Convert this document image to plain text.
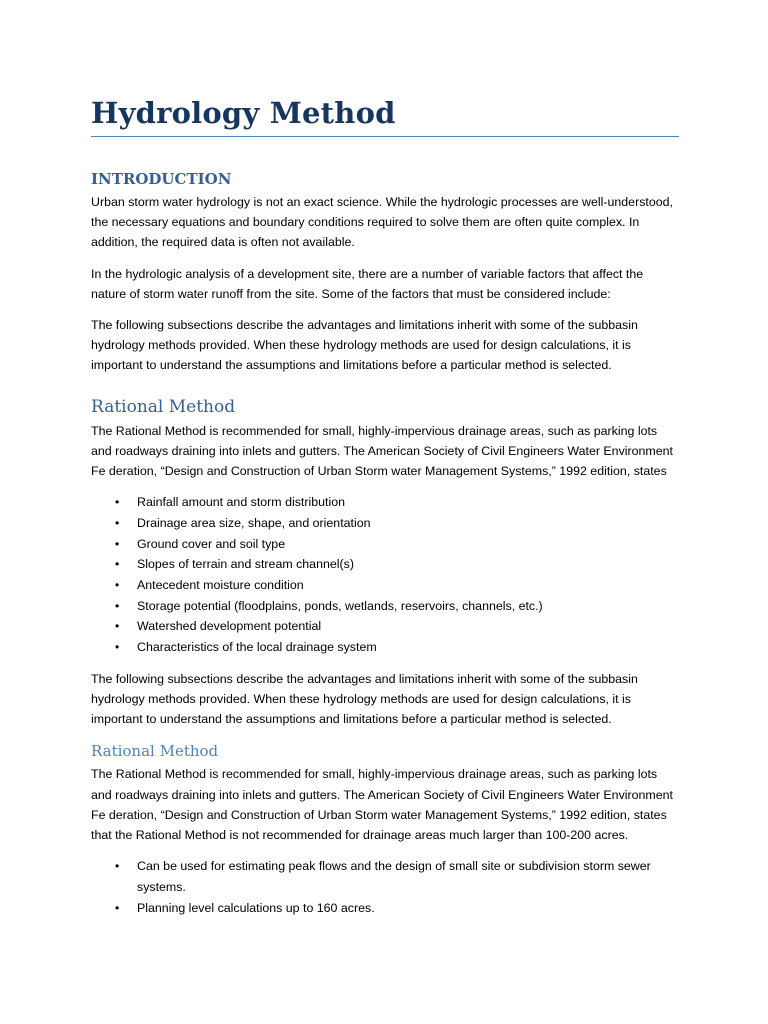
Hydrology Method
INTRODUCTION

Urban storm water hydrology is not an exact science. While the hydrologic processes are well-understood, the necessary equations and boundary conditions required to solve them are often quite complex. In addition, the required data is often not available.

In the hydrologic analysis of a development site, there are a number of variable factors that affect the nature of storm water runoff from the site. Some of the factors that must be considered include:

The following subsections describe the advantages and limitations inherit with some of the subbasin hydrology methods provided. When these hydrology methods are used for design calculations, it is important to understand the assumptions and limitations before a particular method is selected.

Rational Method

The Rational Method is recommended for small, highly-impervious drainage areas, such as parking lots and roadways draining into inlets and gutters. The American Society of Civil Engineers Water Environment Fe deration, “Design and Construction of Urban Storm water Management Systems,” 1992 edition, states

• Rainfall amount and storm distribution
• Drainage area size, shape, and orientation
• Ground cover and soil type
• Slopes of terrain and stream channel(s)
• Antecedent moisture condition
• Storage potential (floodplains, ponds, wetlands, reservoirs, channels, etc.)
• Watershed development potential
• Characteristics of the local drainage system

The following subsections describe the advantages and limitations inherit with some of the subbasin hydrology methods provided. When these hydrology methods are used for design calculations, it is important to understand the assumptions and limitations before a particular method is selected.

Rational Method

The Rational Method is recommended for small, highly-impervious drainage areas, such as parking lots and roadways draining into inlets and gutters. The American Society of Civil Engineers Water Environment Fe deration, “Design and Construction of Urban Storm water Management Systems,” 1992 edition, states that the Rational Method is not recommended for drainage areas much larger than 100-200 acres.

• Can be used for estimating peak flows and the design of small site or subdivision storm sewer systems.
• Planning level calculations up to 160 acres.
